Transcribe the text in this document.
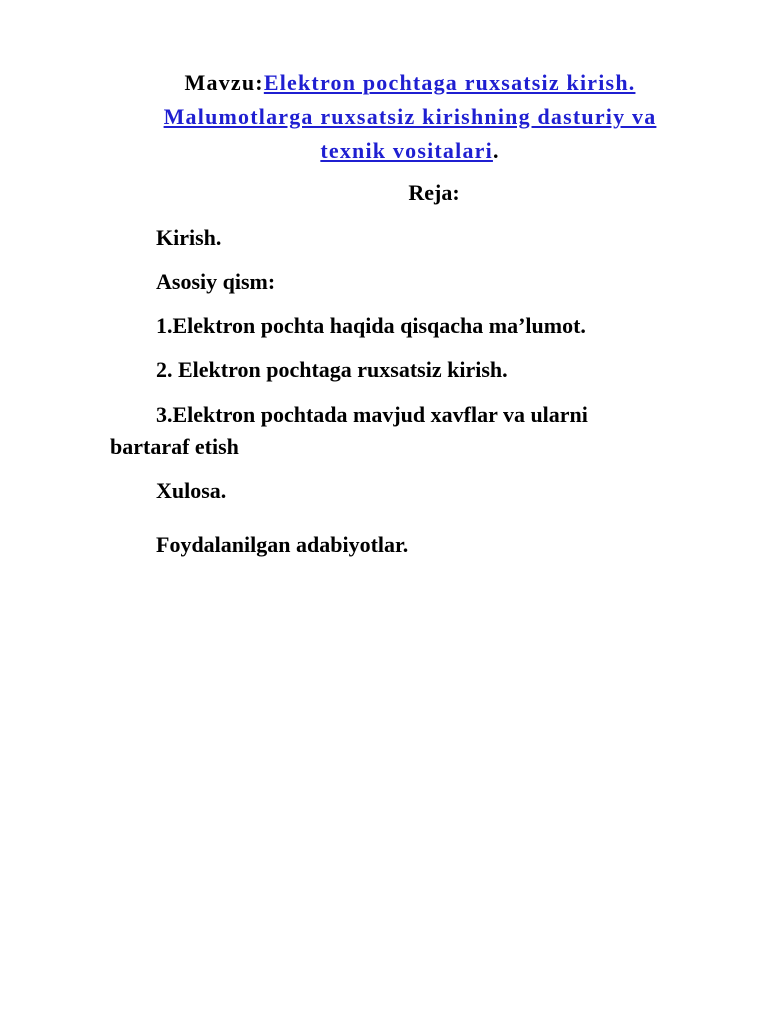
Mavzu:Elektron pochtaga ruxsatsiz kirish.
Malumotlarga ruxsatsiz kirishning dasturiy va
texnik vositalari.
Reja:
Kirish.
Asosiy qism:
1.Elektron pochta haqida qisqacha ma’lumot.
2. Elektron pochtaga ruxsatsiz kirish.
3.Elektron pochtada mavjud xavflar va ularni bartaraf etish
Xulosa.
Foydalanilgan adabiyotlar.
